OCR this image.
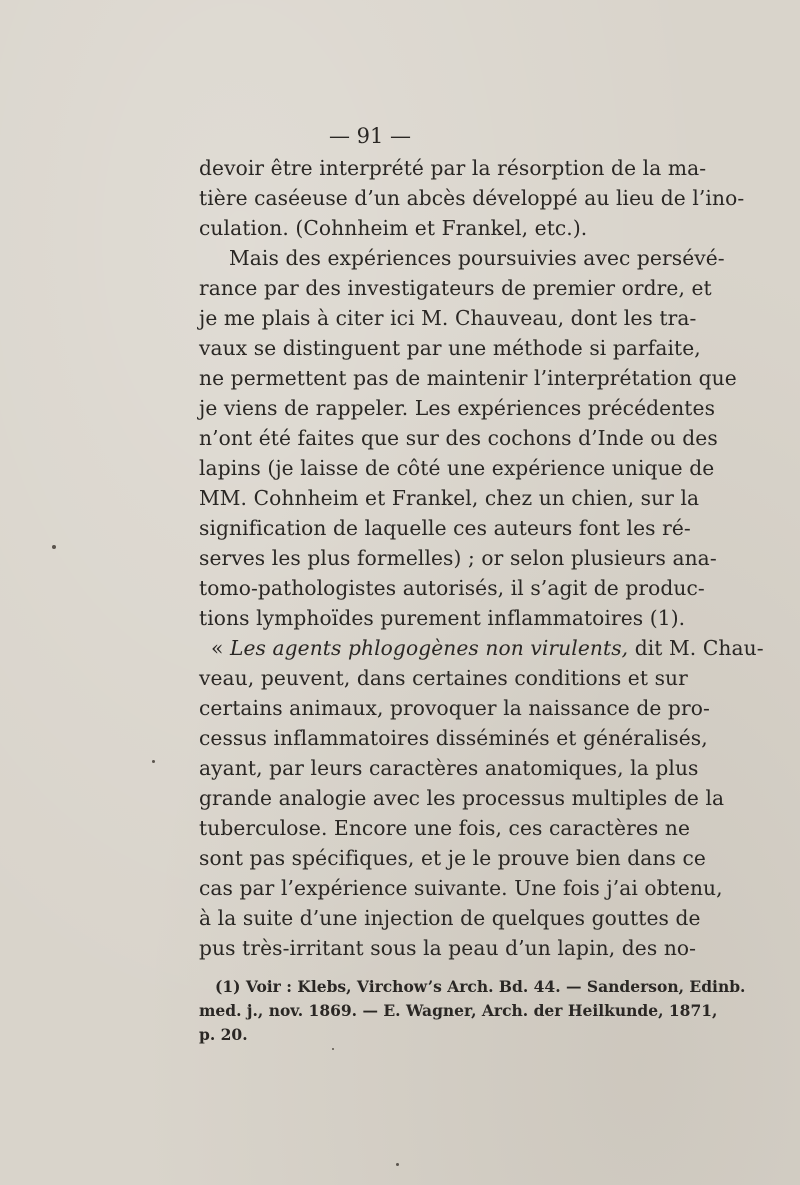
— 91 —
devoir être interprété par la résorption de la ma-
tière caséeuse d’un abcès développé au lieu de l’ino-
culation. (Cohnheim et Frankel, etc.).
Mais des expériences poursuivies avec persévé-
rance par des investigateurs de premier ordre, et
je me plais à citer ici M. Chauveau, dont les tra-
vaux se distinguent par une méthode si parfaite,
ne permettent pas de maintenir l’interprétation que
je viens de rappeler. Les expériences précédentes
n’ont été faites que sur des cochons d’Inde ou des
lapins (je laisse de côté une expérience unique de
MM. Cohnheim et Frankel, chez un chien, sur la
signification de laquelle ces auteurs font les ré-
serves les plus formelles) ; or selon plusieurs ana-
tomo-pathologistes autorisés, il s’agit de produc-
tions lymphoïdes purement inflammatoires (1).
« Les agents phlogogènes non virulents, dit M. Chau-
veau, peuvent, dans certaines conditions et sur
certains animaux, provoquer la naissance de pro-
cessus inflammatoires disséminés et généralisés,
ayant, par leurs caractères anatomiques, la plus
grande analogie avec les processus multiples de la
tuberculose. Encore une fois, ces caractères ne
sont pas spécifiques, et je le prouve bien dans ce
cas par l’expérience suivante. Une fois j’ai obtenu,
à la suite d’une injection de quelques gouttes de
pus très-irritant sous la peau d’un lapin, des no-
(1) Voir : Klebs, Virchow’s Arch. Bd. 44. — Sanderson, Edinb.
med. j., nov. 1869. — E. Wagner, Arch. der Heilkunde, 1871,
p. 20.
